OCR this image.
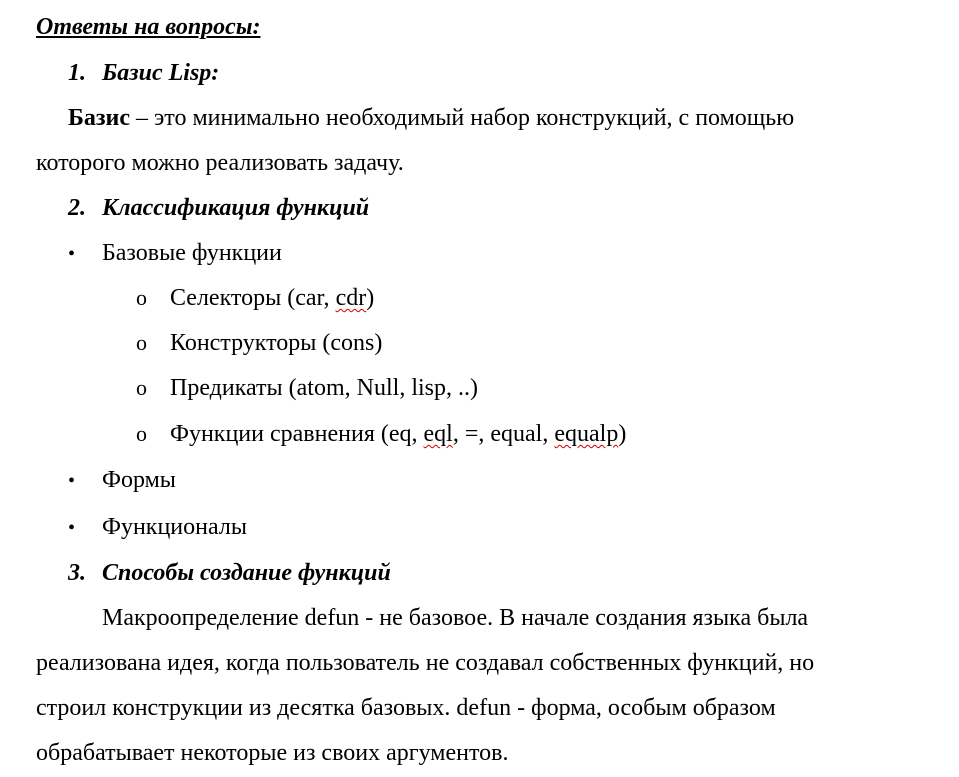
Ответы на вопросы:
1. Базис Lisp:
Базис – это минимально необходимый набор конструкций, с помощью
которого можно реализовать задачу.
2. Классификация функций
• Базовые функции
o Селекторы (car, cdr)
o Конструкторы (cons)
o Предикаты (atom, Null, lisp, ..)
o Функции сравнения (eq, eql, =, equal, equalp)
• Формы
• Функционалы
3. Способы создание функций
Макроопределение defun - не базовое. В начале создания языка была
реализована идея, когда пользователь не создавал собственных функций, но
строил конструкции из десятка базовых. defun - форма, особым образом
обрабатывает некоторые из своих аргументов.
